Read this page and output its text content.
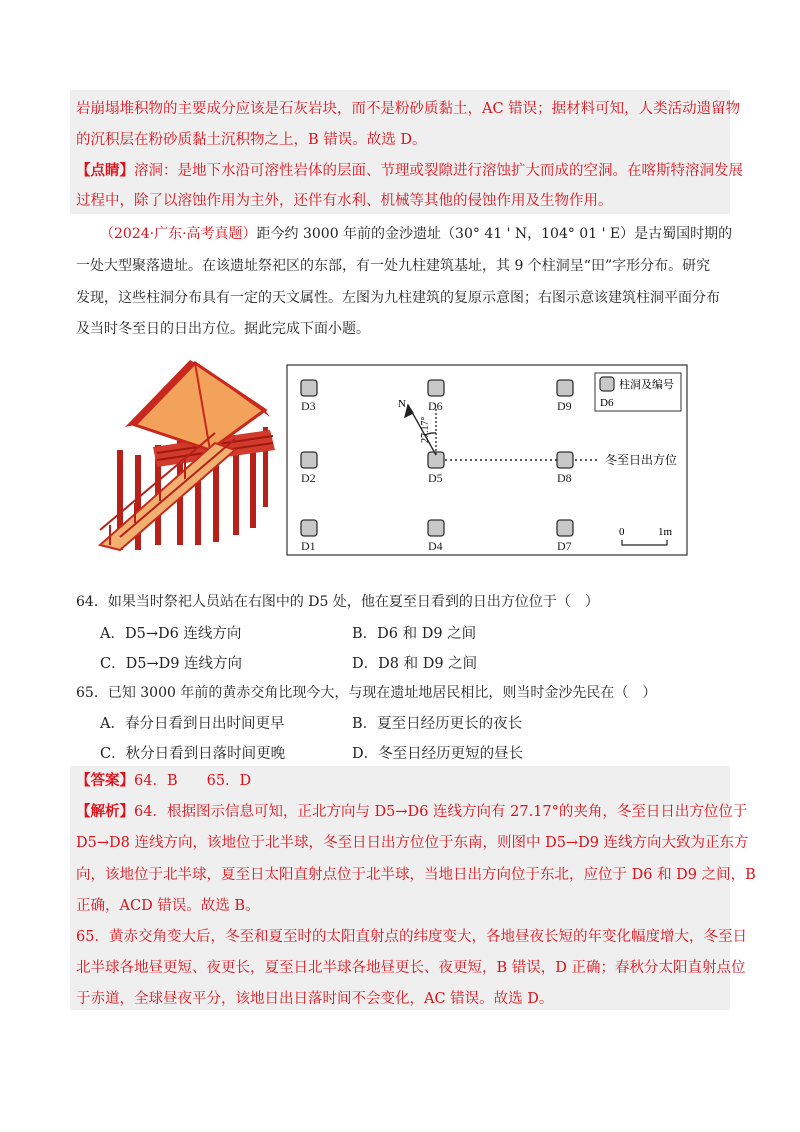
岩崩塌堆积物的主要成分应该是石灰岩块，而不是粉砂质黏土，AC 错误；据材料可知，人类活动遗留物
的沉积层在粉砂质黏土沉积物之上，B 错误。故选 D。
【点睛】溶洞：是地下水沿可溶性岩体的层面、节理或裂隙进行溶蚀扩大而成的空洞。在喀斯特溶洞发展
过程中，除了以溶蚀作用为主外，还伴有水利、机械等其他的侵蚀作用及生物作用。
（2024·广东·高考真题）距今约 3000 年前的金沙遗址（30° 41 ' N，104° 01 ' E）是古蜀国时期的
一处大型聚落遗址。在该遗址祭祀区的东部，有一处九柱建筑基址，其 9 个柱洞呈“田”字形分布。研究
发现，这些柱洞分布具有一定的天文属性。左图为九柱建筑的复原示意图；右图示意该建筑柱洞平面分布
及当时冬至日的日出方位。据此完成下面小题。
D3	D6	D9
D2	D5	D8
D1	D4	D7
N
27.17°
冬至日出方位
柱洞及编号
D6
0	1m
64．如果当时祭祀人员站在右图中的 D5 处，他在夏至日看到的日出方位位于（　）
A．D5→D6 连线方向	B．D6 和 D9 之间
C．D5→D9 连线方向	D．D8 和 D9 之间
65．已知 3000 年前的黄赤交角比现今大，与现在遗址地居民相比，则当时金沙先民在（　）
A．春分日看到日出时间更早	B．夏至日经历更长的夜长
C．秋分日看到日落时间更晚	D．冬至日经历更短的昼长
【答案】64．B　　65．D
【解析】64．根据图示信息可知，正北方向与 D5→D6 连线方向有 27.17°的夹角，冬至日日出方位位于
D5→D8 连线方向，该地位于北半球，冬至日日出方位位于东南，则图中 D5→D9 连线方向大致为正东方
向，该地位于北半球，夏至日太阳直射点位于北半球，当地日出方向位于东北，应位于 D6 和 D9 之间，B
正确，ACD 错误。故选 B。
65．黄赤交角变大后，冬至和夏至时的太阳直射点的纬度变大，各地昼夜长短的年变化幅度增大，冬至日
北半球各地昼更短、夜更长，夏至日北半球各地昼更长、夜更短，B 错误，D 正确；春秋分太阳直射点位
于赤道，全球昼夜平分，该地日出日落时间不会变化，AC 错误。故选 D。
